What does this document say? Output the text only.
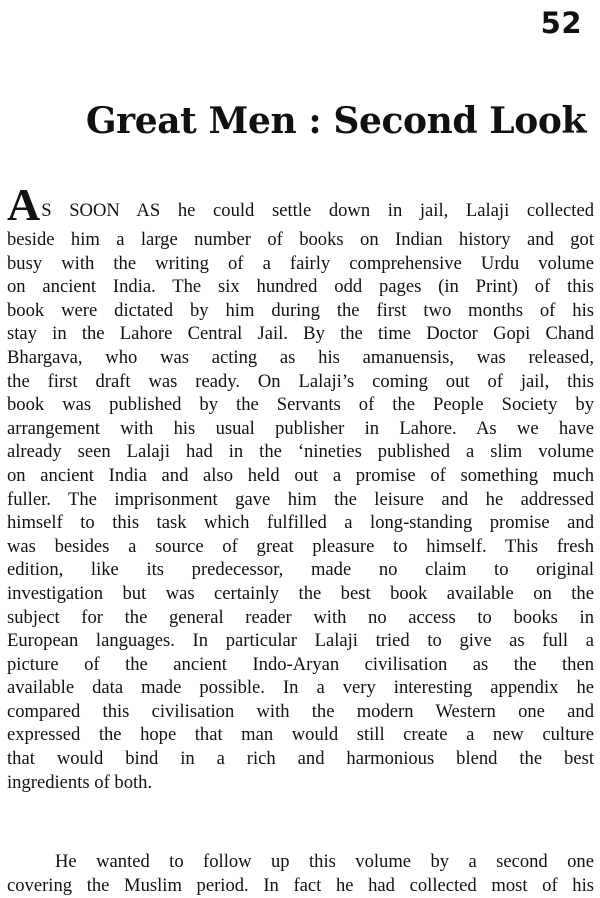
52
Great Men : Second Look
AS SOON AS he could settle down in jail, Lalaji collected
beside him a large number of books on Indian history and got
busy with the writing of a fairly comprehensive Urdu volume
on ancient India. The six hundred odd pages (in Print) of this
book were dictated by him during the first two months of his
stay in the Lahore Central Jail. By the time Doctor Gopi Chand
Bhargava, who was acting as his amanuensis, was released,
the first draft was ready. On Lalaji’s coming out of jail, this
book was published by the Servants of the People Society by
arrangement with his usual publisher in Lahore. As we have
already seen Lalaji had in the ‘nineties published a slim volume
on ancient India and also held out a promise of something much
fuller. The imprisonment gave him the leisure and he addressed
himself to this task which fulfilled a long-standing promise and
was besides a source of great pleasure to himself. This fresh
edition, like its predecessor, made no claim to original
investigation but was certainly the best book available on the
subject for the general reader with no access to books in
European languages. In particular Lalaji tried to give as full a
picture of the ancient Indo-Aryan civilisation as the then
available data made possible. In a very interesting appendix he
compared this civilisation with the modern Western one and
expressed the hope that man would still create a new culture
that would bind in a rich and harmonious blend the best
ingredients of both.
He wanted to follow up this volume by a second one
covering the Muslim period. In fact he had collected most of his
